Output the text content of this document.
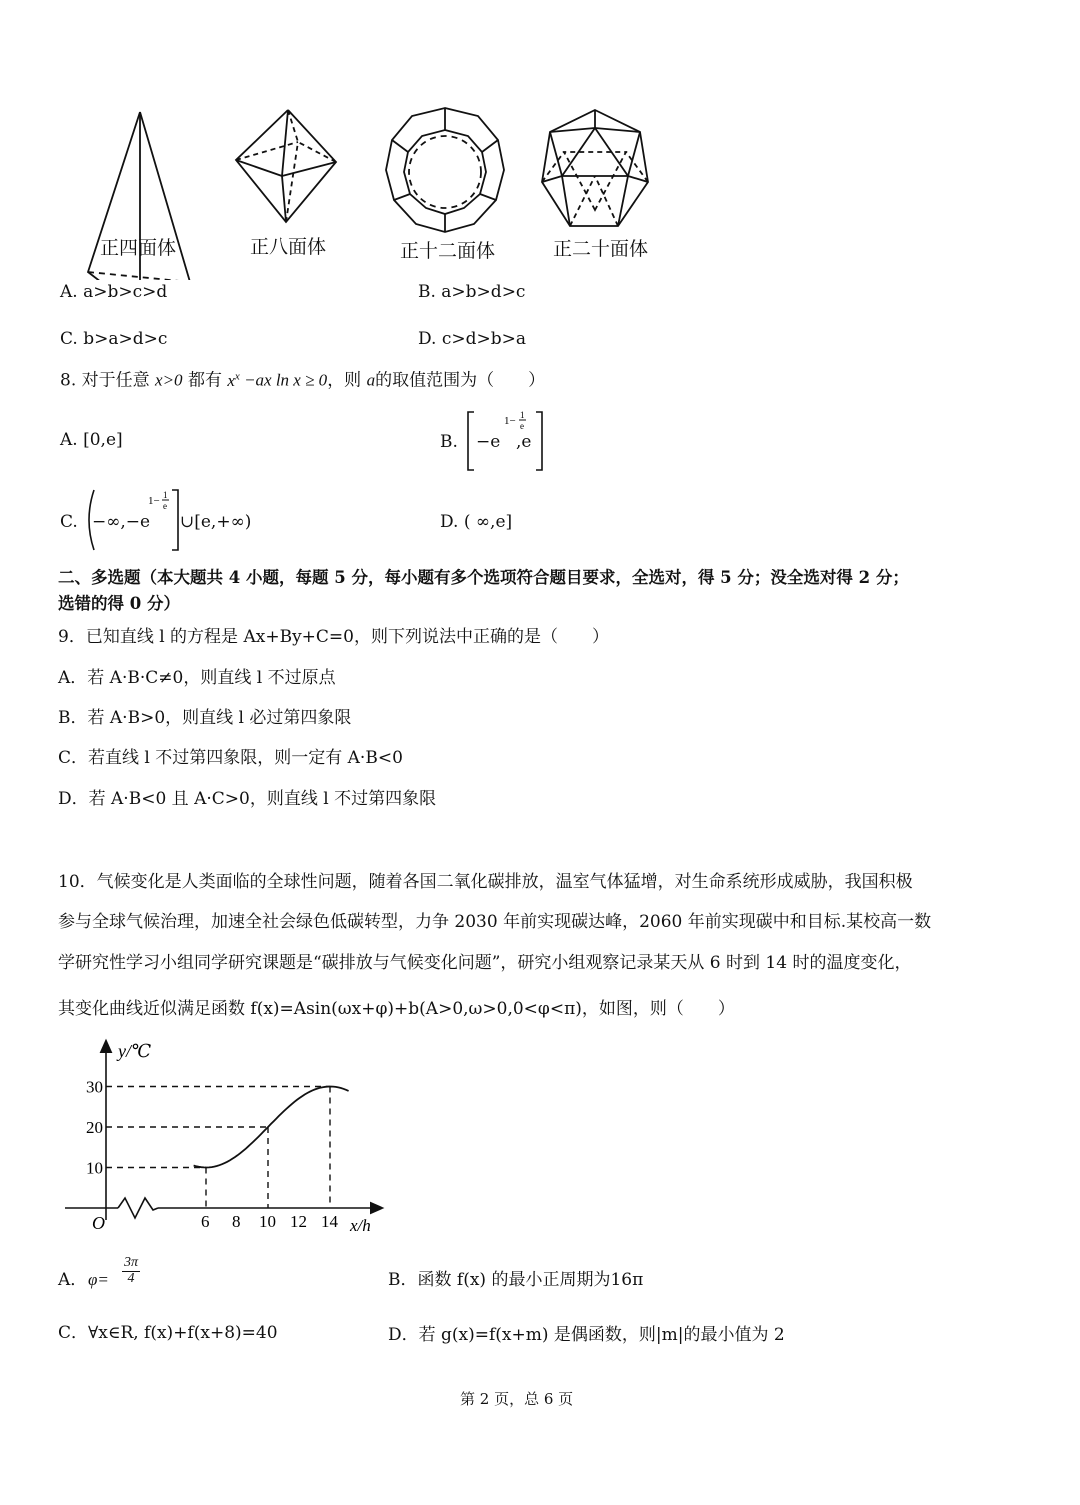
正四面体	正八面体	正十二面体	正二十面体
A. a>b>c>d	B. a>b>d>c
C. b>a>d>c	D. c>d>b>a
8. 对于任意 x>0 都有 $x^x -ax$ ln x ≥ 0，则 a的取值范围为（　　）
A. [0,e]	B.
1− 1
e
−e ,e
C.
1− 1
e
−∞,−e ∪[e,+∞)	D. ( ∞,e]
二、多选题（本大题共 4 小题，每题 5 分，每小题有多个选项符合题目要求，全选对，得 5 分；没全选对得 2 分；
选错的得 0 分）
9．已知直线 l 的方程是 Ax+By+C=0，则下列说法中正确的是（　　）
A．若 A·B·C≠0，则直线 l 不过原点
B．若 A·B>0，则直线 l 必过第四象限
C．若直线 l 不过第四象限，则一定有 A·B<0
D．若 A·B<0 且 A·C>0，则直线 l 不过第四象限
10．气候变化是人类面临的全球性问题，随着各国二氧化碳排放，温室气体猛增，对生命系统形成威胁，我国积极
参与全球气候治理，加速全社会绿色低碳转型，力争 2030 年前实现碳达峰，2060 年前实现碳中和目标.某校高一数
学研究性学习小组同学研究课题是“碳排放与气候变化问题”，研究小组观察记录某天从 6 时到 14 时的温度变化，
其变化曲线近似满足函数 f(x)=Asin(ωx+φ)+b(A>0,ω>0,0<φ<π)，如图，则（　　）
y/℃
x/h
O
10
20
30
6 8 10 12 14
A． $\varphi= \frac{3\pi}{4}$	B．函数 f(x) 的最小正周期为16π
C．∀x∈R, f(x)+f(x+8)=40	D．若 g(x)=f(x+m) 是偶函数，则|m|的最小值为 2
第 2 页，总 6 页
